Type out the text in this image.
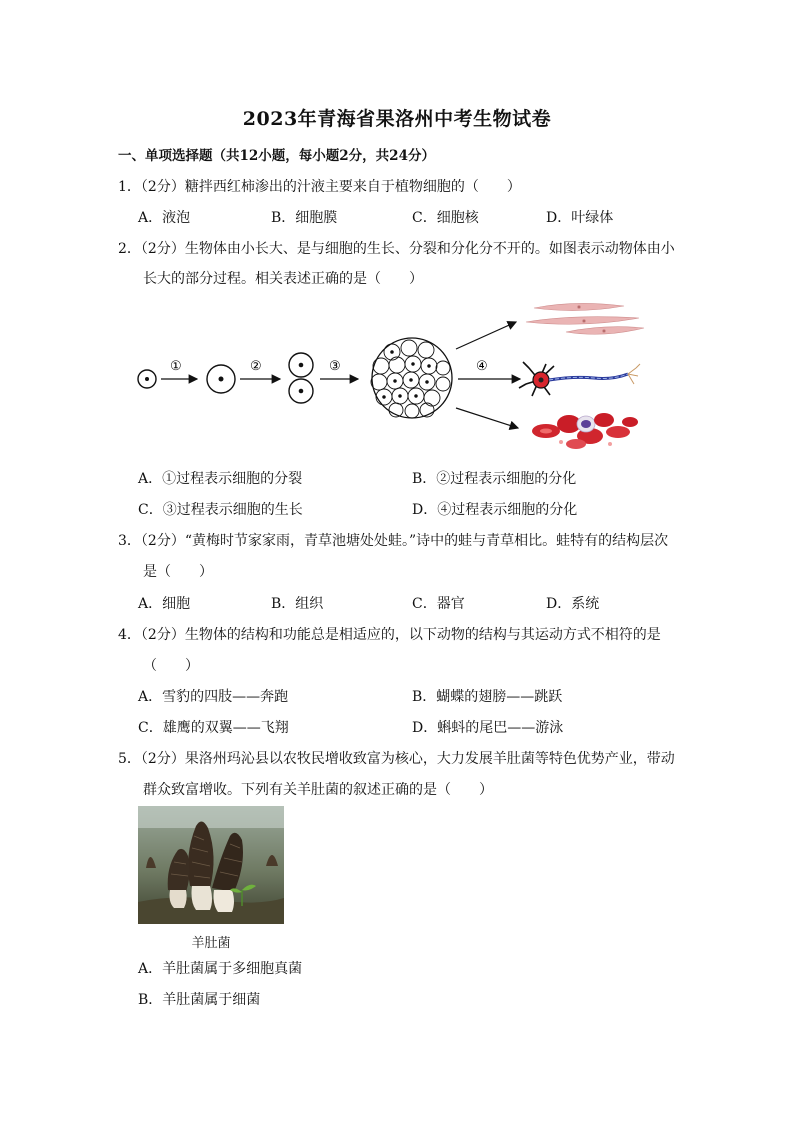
2023年青海省果洛州中考生物试卷
一、单项选择题（共12小题，每小题2分，共24分）
1．（2分）糖拌西红柿渗出的汁液主要来自于植物细胞的（　　）
A．液泡	B．细胞膜	C．细胞核	D．叶绿体
2．（2分）生物体由小长大、是与细胞的生长、分裂和分化分不开的。如图表示动物体由小
长大的部分过程。相关表述正确的是（　　）
①	②	③	④
A．①过程表示细胞的分裂	B．②过程表示细胞的分化
C．③过程表示细胞的生长	D．④过程表示细胞的分化
3．（2分）“黄梅时节家家雨，青草池塘处处蛙。”诗中的蛙与青草相比。蛙特有的结构层次
是（　　）
A．细胞	B．组织	C．器官	D．系统
4．（2分）生物体的结构和功能总是相适应的，以下动物的结构与其运动方式不相符的是
（　　）
A．雪豹的四肢——奔跑	B．蝴蝶的翅膀——跳跃
C．雄鹰的双翼——飞翔	D．蝌蚪的尾巴——游泳
5．（2分）果洛州玛沁县以农牧民增收致富为核心，大力发展羊肚菌等特色优势产业，带动
群众致富增收。下列有关羊肚菌的叙述正确的是（　　）
羊肚菌
A．羊肚菌属于多细胞真菌
B．羊肚菌属于细菌
